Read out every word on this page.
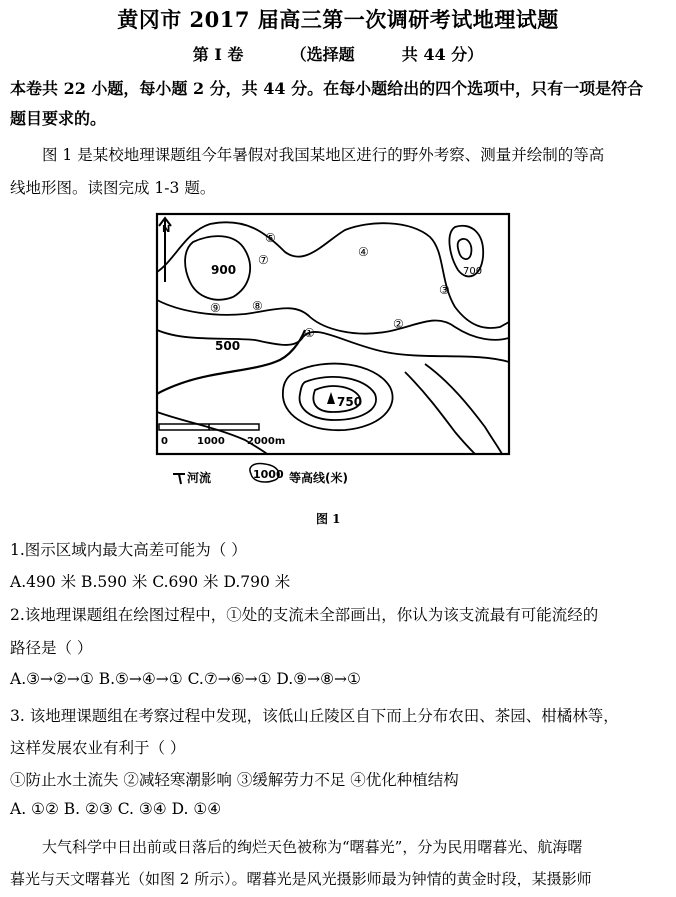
黄冈市 2017 届高三第一次调研考试地理试题
第 I 卷	（选择题	共 44 分）
本卷共 22 小题，每小题 2 分，共 44 分。在每小题给出的四个选项中，只有一项是符合
题目要求的。
图 1 是某校地理课题组今年暑假对我国某地区进行的野外考察、测量并绘制的等高
线地形图。读图完成 1-3 题。
N
⑤
⑦
④
⑨	⑧
③
②
①
900	700
500
750
0	1000 2000m
河流	1000 等高线(米)
图 1
1.图示区域内最大高差可能为（ ）
A.490 米 B.590 米 C.690 米 D.790 米
2.该地理课题组在绘图过程中，①处的支流未全部画出，你认为该支流最有可能流经的
路径是（ ）
A.③→②→① B.⑤→④→① C.⑦→⑥→① D.⑨→⑧→①
3. 该地理课题组在考察过程中发现，该低山丘陵区自下而上分布农田、茶园、柑橘林等，
这样发展农业有利于（ ）
①防止水土流失 ②减轻寒潮影响 ③缓解劳力不足 ④优化种植结构
A. ①② B. ②③ C. ③④ D. ①④
大气科学中日出前或日落后的绚烂天色被称为“曙暮光”，分为民用曙暮光、航海曙
暮光与天文曙暮光（如图 2 所示）。曙暮光是风光摄影师最为钟情的黄金时段，某摄影师
